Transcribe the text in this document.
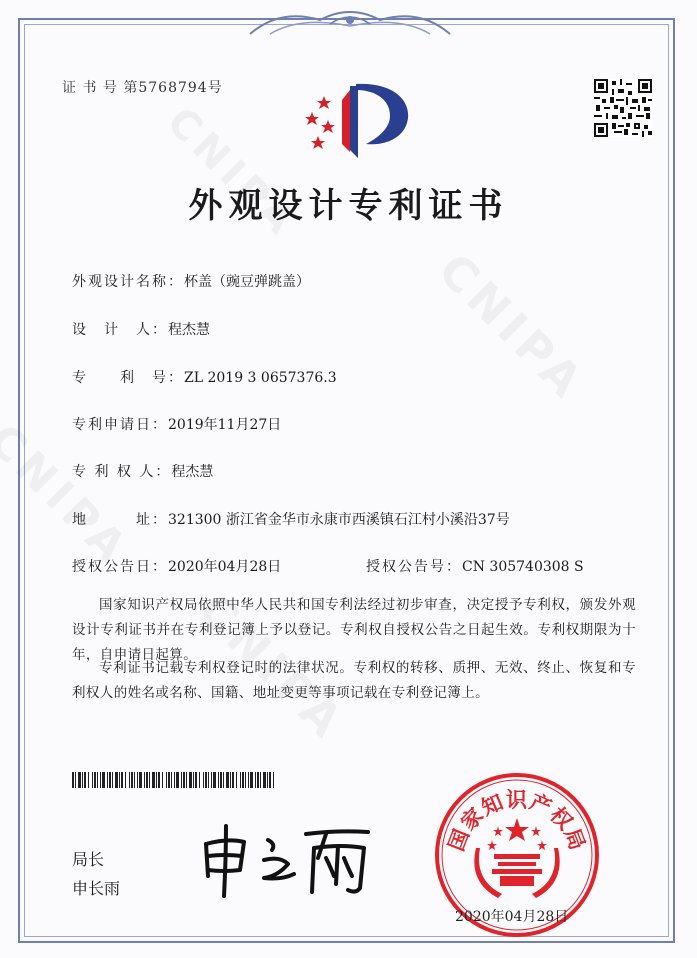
证 书 号 第5768794号
外观设计专利证书
外观设计名称：杯盖（豌豆弹跳盖）
设　计　人：程杰慧
专　　利　号：ZL 2019 3 0657376.3
专利申请日：2019年11月27日
专 利 权 人：程杰慧
地　　　址：321300 浙江省金华市永康市西溪镇石江村小溪沿37号
授权公告日：2020年04月28日	授权公告号：CN 305740308 S
国家知识产权局依照中华人民共和国专利法经过初步审查，决定授予专利权，颁发外观设计专利证书并在专利登记簿上予以登记。专利权自授权公告之日起生效。专利权期限为十年，自申请日起算。
专利证书记载专利权登记时的法律状况。专利权的转移、质押、无效、终止、恢复和专利权人的姓名或名称、国籍、地址变更等事项记载在专利登记簿上。
局长
申长雨
国家知识产权局
2020年04月28日
